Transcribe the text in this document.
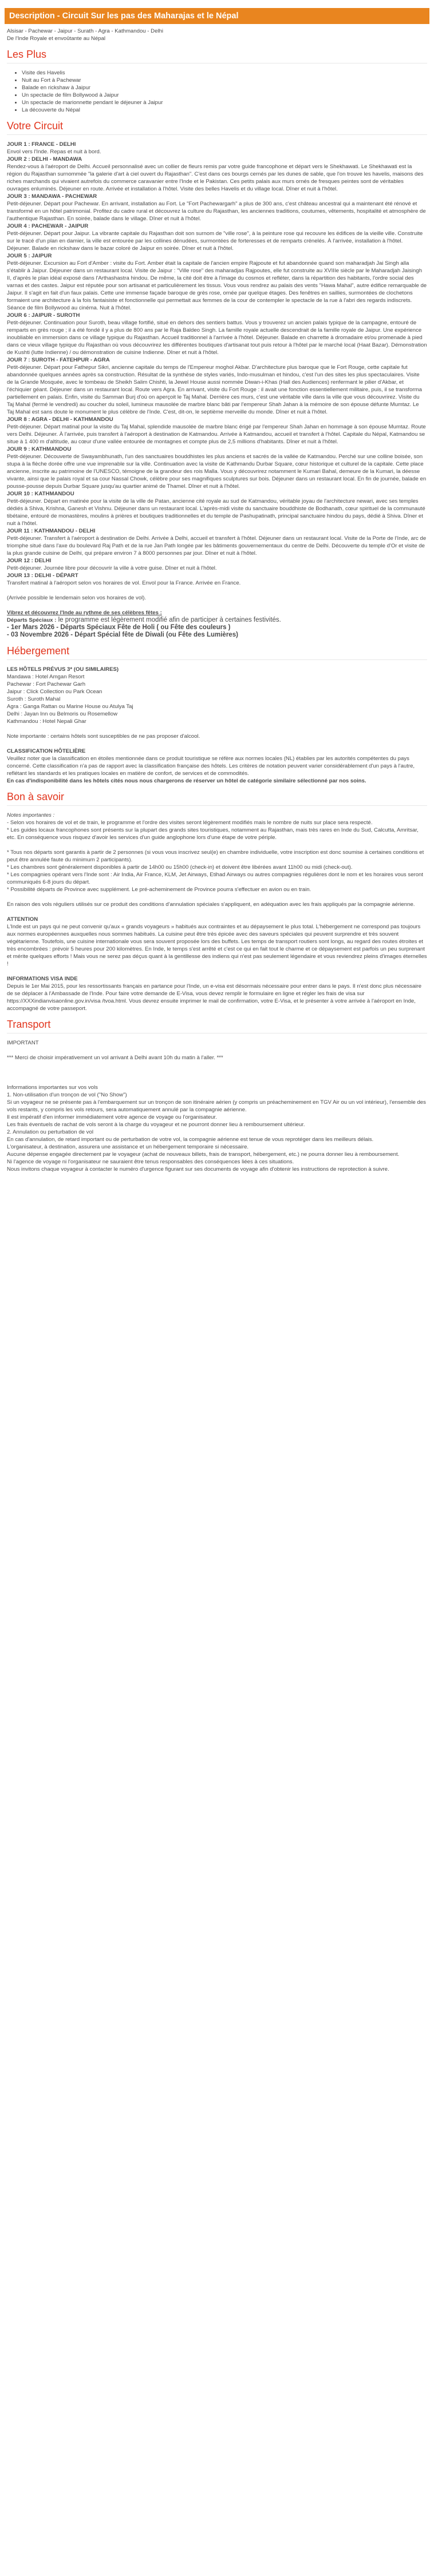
Description - Circuit Sur les pas des Maharajas et le Népal

Alsisar - Pachewar - Jaipur - Surath - Agra - Kathmandou - Delhi

De l'Inde Royale et envoûtante au Népal

Les Plus
• Visite des Havelis
• Nuit au Fort à Pachewar
• Balade en rickshaw à Jaipur
• Un spectacle de film Bollywood à Jaipur
• Un spectacle de marionnette pendant le déjeuner à Jaipur
• La découverte du Népal
Votre Circuit

JOUR 1 : FRANCE - DELHI

Envol vers l'Inde. Repas et nuit à bord.

JOUR 2 : DELHI - MANDAWA

Rendez-vous à l'aéroport de Delhi. Accueil personnalisé avec un collier de fleurs remis par votre guide francophone et départ vers le Shekhawati. Le Shekhawati est la région du Rajasthan surnommée "la galerie d'art à ciel ouvert du Rajasthan". C'est dans ces bourgs cernés par les dunes de sable, que l'on trouve les havelis, maisons des riches marchands qui vivaient autrefois du commerce caravanier entre l'Inde et le Pakistan. Ces petits palais aux murs ornés de fresques peintes sont de véritables ouvrages enluminés. Déjeuner en route. Arrivée et installation à l'hôtel. Visite des belles Havelis et du village local. Dîner et nuit à l'hôtel.

JOUR 3 : MANDAWA - PACHEWAR

Petit-déjeuner. Départ pour Pachewar. En arrivant, installation au Fort. Le "Fort Pachewargarh" a plus de 300 ans, c'est château ancestral qui a maintenant été rénové et transformé en un hôtel patrimonial. Profitez du cadre rural et découvrez la culture du Rajasthan, les anciennes traditions, coutumes, vêtements, hospitalité et atmosphère de l'authentique Rajasthan. En soirée, balade dans le village. Dîner et nuit à l'hôtel.

JOUR 4 : PACHEWAR - JAIPUR

Petit-déjeuner. Départ pour Jaipur. La vibrante capitale du Rajasthan doit son surnom de "ville rose", à la peinture rose qui recouvre les édifices de la vieille ville. Construite sur le tracé d'un plan en damier, la ville est entourée par les collines dénudées, surmontées de forteresses et de remparts crénelés. À l'arrivée, installation à l'hôtel. Déjeuner. Balade en rickshaw dans le bazar coloré de Jaipur en soirée. Dîner et nuit à l'hôtel.

JOUR 5 : JAIPUR

Petit-déjeuner. Excursion au Fort d'Amber : visite du Fort. Amber était la capitale de l'ancien empire Rajpoute et fut abandonnée quand son maharadjah Jai Singh alla s'établir à Jaipur. Déjeuner dans un restaurant local. Visite de Jaipur : "Ville rose" des maharadjas Rajpoutes, elle fut construite au XVIIIe siècle par le Maharadjah Jaisingh II, d'après le plan idéal exposé dans l'Arthashastra hindou. De même, la cité doit être à l'image du cosmos et refléter, dans la répartition des habitants, l'ordre social des varnas et des castes. Jaipur est réputée pour son artisanat et particulièrement les tissus. Vous vous rendrez au palais des vents "Hawa Mahal", autre édifice remarquable de Jaipur. Il s'agit en fait d'un faux palais. Cette une immense façade baroque de grès rose, ornée par quelque étages. Des fenêtres en saillies, surmontées de clochetons formaient une architecture à la fois fantaisiste et fonctionnelle qui permettait aux femmes de la cour de contempler le spectacle de la rue à l'abri des regards indiscrets. Séance de film Bollywood au cinéma. Nuit à l'hôtel.

JOUR 6 : JAIPUR - SUROTH

Petit-déjeuner. Continuation pour Suroth, beau village fortifié, situé en dehors des sentiers battus. Vous y trouverez un ancien palais typique de la campagne, entouré de remparts en grès rouge ; il a été fondé il y a plus de 800 ans par le Raja Baldeo Singh. La famille royale actuelle descendrait de la famille royale de Jaipur. Une expérience inoubliable en immersion dans ce village typique du Rajasthan. Accueil traditionnel à l'arrivée à l'hôtel. Déjeuner. Balade en charrette à dromadaire et/ou promenade à pied dans ce vieux village typique du Rajasthan où vous découvrirez les différentes boutiques d'artisanat tout puis retour à l'hôtel par le marché local (Haat Bazar). Démonstration de Kushti (lutte Indienne) / ou démonstration de cuisine Indienne. Dîner et nuit à l'hôtel.

JOUR 7 : SUROTH - FATEHPUR - AGRA

Petit-déjeuner. Départ pour Fathepur Sikri, ancienne capitale du temps de l'Empereur moghol Akbar. D'architecture plus baroque que le Fort Rouge, cette capitale fut abandonnée quelques années après sa construction. Résultat de la synthèse de styles variés, Indo-musulman et hindou, c'est l'un des sites les plus spectaculaires. Visite de la Grande Mosquée, avec le tombeau de Sheikh Salim Chishti, la Jewel House aussi nommée Diwan-i-Khas (Hall des Audiences) renfermant le pilier d'Akbar, et l'échiquier géant. Déjeuner dans un restaurant local. Route vers Agra. En arrivant, visite du Fort Rouge : il avait une fonction essentiellement militaire, puis, il se transforma partiellement en palais. Enfin, visite du Samman Burj d'où on aperçoit le Taj Mahal. Derrière ces murs, c'est une véritable ville dans la ville que vous découvrirez. Visite du Taj Mahal (fermé le vendredi) au coucher du soleil, lumineux mausolée de marbre blanc bâti par l'empereur Shah Jahan à la mémoire de son épouse défunte Mumtaz. Le Taj Mahal est sans doute le monument le plus célèbre de l'Inde. C'est, dit-on, le septième merveille du monde. Dîner et nuit à l'hôtel.

JOUR 8 : AGRA - DELHI - KATHMANDOU

Petit-déjeuner. Départ matinal pour la visite du Taj Mahal, splendide mausolée de marbre blanc érigé par l'empereur Shah Jahan en hommage à son épouse Mumtaz. Route vers Delhi. Déjeuner. À l'arrivée, puis transfert à l'aéroport à destination de Katmandou. Arrivée à Katmandou, accueil et transfert à l'hôtel. Capitale du Népal, Katmandou se situe à 1 400 m d'altitude, au cœur d'une vallée entourée de montagnes et compte plus de 2,5 millions d'habitants. Dîner et nuit à l'hôtel.

JOUR 9 : KATHMANDOU

Petit-déjeuner. Découverte de Swayambhunath, l'un des sanctuaires bouddhistes les plus anciens et sacrés de la vallée de Katmandou. Perché sur une colline boisée, son stupa à la flèche dorée offre une vue imprenable sur la ville. Continuation avec la visite de Kathmandu Durbar Square, cœur historique et culturel de la capitale. Cette place ancienne, inscrite au patrimoine de l'UNESCO, témoigne de la grandeur des rois Malla. Vous y découvrirez notamment le Kumari Bahal, demeure de la Kumari, la déesse vivante, ainsi que le palais royal et sa cour Nassal Chowk, célèbre pour ses magnifiques sculptures sur bois. Déjeuner dans un restaurant local. En fin de journée, balade en pousse-pousse depuis Durbar Square jusqu'au quartier animé de Thamel. Dîner et nuit à l'hôtel.

JOUR 10 : KATHMANDOU

Petit-déjeuner. Départ en matinée pour la visite de la ville de Patan, ancienne cité royale au sud de Katmandou, véritable joyau de l'architecture newari, avec ses temples dédiés à Shiva, Krishna, Ganesh et Vishnu. Déjeuner dans un restaurant local. L'après-midi visite du sanctuaire bouddhiste de Bodhanath, cœur spirituel de la communauté tibétaine, entouré de monastères, moulins à prières et boutiques traditionnelles et du temple de Pashupatinath, principal sanctuaire hindou du pays, dédié à Shiva. Dîner et nuit à l'hôtel.

JOUR 11 : KATHMANDOU - DELHI

Petit-déjeuner. Transfert à l'aéroport à destination de Delhi. Arrivée à Delhi, accueil et transfert à l'hôtel. Déjeuner dans un restaurant local. Visite de la Porte de l'Inde, arc de triomphe situé dans l'axe du boulevard Raj Path et de la rue Jan Path longée par les bâtiments gouvernementaux du centre de Delhi. Découverte du temple d'Or et visite de la plus grande cuisine de Delhi, qui prépare environ 7 à 8000 personnes par jour. Dîner et nuit à l'hôtel.

JOUR 12 : DELHI

Petit-déjeuner. Journée libre pour découvrir la ville à votre guise. Dîner et nuit à l'hôtel.

JOUR 13 : DELHI - DÉPART

Transfert matinal à l'aéroport selon vos horaires de vol. Envol pour la France. Arrivée en France.

(Arrivée possible le lendemain selon vos horaires de vol).

Vibrez et découvrez l'Inde au rythme de ses célèbres fêtes :

Départs Spéciaux : le programme est légèrement modifié afin de participer à certaines festivités.

- 1er Mars 2026 - Départs Spéciaux Fête de Holi ( ou Fête des couleurs )

- 03 Novembre 2026 - Départ Spécial fête de Diwali (ou Fête des Lumières)

Hébergement

LES HÔTELS PRÉVUS 3* (OU SIMILAIRES)

Mandawa : Hotel Amgan Resort

Pachewar : Fort Pachewar Garh

Jaipur : Click Collection ou Park Ocean

Suroth : Suroth Mahal

Agra : Ganga Rattan ou Marine House ou Atulya Taj

Delhi : Jayan Inn ou Belmoris ou Rosemellow

Kathmandou : Hotel Nepali Ghar

Note importante : certains hôtels sont susceptibles de ne pas proposer d'alcool.

CLASSIFICATION HÔTELIÈRE

Veuillez noter que la classification en étoiles mentionnée dans ce produit touristique se réfère aux normes locales (NL) établies par les autorités compétentes du pays concerné. Cette classification n'a pas de rapport avec la classification française des hôtels. Les critères de notation peuvent varier considérablement d'un pays à l'autre, reflétant les standards et les pratiques locales en matière de confort, de services et de commodités.

En cas d'indisponibilité dans les hôtels cités nous nous chargerons de réserver un hôtel de catégorie similaire sélectionné par nos soins.

Bon à savoir

Notes importantes :

- Selon vos horaires de vol et de train, le programme et l'ordre des visites seront légèrement modifiés mais le nombre de nuits sur place sera respecté.

* Les guides locaux francophones sont présents sur la plupart des grands sites touristiques, notamment au Rajasthan, mais très rares en Inde du Sud, Calcutta, Amritsar, etc. En conséquence vous risquez d'avoir les services d'un guide anglophone lors d'une étape de votre périple.

* Tous nos départs sont garantis à partir de 2 personnes (si vous vous inscrivez seul(e) en chambre individuelle, votre inscription est donc soumise à certaines conditions et peut être annulée faute du minimum 2 participants).

* Les chambres sont généralement disponibles à partir de 14h00 ou 15h00 (check-in) et doivent être libérées avant 11h00 ou midi (check-out).

* Les compagnies opérant vers l'Inde sont : Air India, Air France, KLM, Jet Airways, Etihad Airways ou autres compagnies régulières dont le nom et les horaires vous seront communiqués 6-8 jours du départ.

* Possibilité départs de Province avec supplément. Le pré-acheminement de Province pourra s'effectuer en avion ou en train.

En raison des vols réguliers utilisés sur ce produit des conditions d'annulation spéciales s'appliquent, en adéquation avec les frais appliqués par la compagnie aérienne.

ATTENTION

L'Inde est un pays qui ne peut convenir qu'aux « grands voyageurs » habitués aux contraintes et au dépaysement le plus total. L'hébergement ne correspond pas toujours aux normes européennes auxquelles nous sommes habitués. La cuisine peut être très épicée avec des saveurs spéciales qui peuvent surprendre et très souvent végétarienne. Toutefois, une cuisine internationale vous sera souvent proposée lors des buffets. Les temps de transport routiers sont longs, au regard des routes étroites et très encombrées : prévoir 5 heures pour 200 kilomètres. En Inde, le temps s'est arrêté et c'est ce qui en fait tout le charme et ce dépaysement est parfois un peu surprenant et mérite quelques efforts ! Mais vous ne serez pas déçus quant à la gentillesse des indiens qui n'est pas seulement légendaire et vous reviendrez pleins d'images éternelles !

INFORMATIONS VISA INDE

Depuis le 1er Mai 2015, pour les ressortissants français en partance pour l'Inde, un e-visa est désormais nécessaire pour entrer dans le pays. Il n'est donc plus nécessaire de se déplacer à l'Ambassade de l'Inde. Pour faire votre demande de E-Visa, vous devez remplir le formulaire en ligne et régler les frais de visa sur https://XXXindianvisaonline.gov.in/visa /tvoa.html. Vous devrez ensuite imprimer le mail de confirmation, votre E-Visa, et le présenter à votre arrivée à l'aéroport en Inde, accompagné de votre passeport.

Transport

IMPORTANT

*** Merci de choisir impérativement un vol arrivant à Delhi avant 10h du matin à l'aller. ***

Informations importantes sur vos vols

1. Non-utilisation d'un tronçon de vol ("No Show")

Si un voyageur ne se présente pas à l'embarquement sur un tronçon de son itinéraire aérien (y compris un préacheminement en TGV Air ou un vol intérieur), l'ensemble des vols restants, y compris les vols retours, sera automatiquement annulé par la compagnie aérienne.

Il est impératif d'en informer immédiatement votre agence de voyage ou l'organisateur.

Les frais éventuels de rachat de vols seront à la charge du voyageur et ne pourront donner lieu à remboursement ultérieur.

2. Annulation ou perturbation de vol

En cas d'annulation, de retard important ou de perturbation de votre vol, la compagnie aérienne est tenue de vous reprotéger dans les meilleurs délais.

L'organisateur, à destination, assurera une assistance et un hébergement temporaire si nécessaire.

Aucune dépense engagée directement par le voyageur (achat de nouveaux billets, frais de transport, hébergement, etc.) ne pourra donner lieu à remboursement.

Ni l'agence de voyage ni l'organisateur ne sauraient être tenus responsables des conséquences liées à ces situations.

Nous invitons chaque voyageur à contacter le numéro d'urgence figurant sur ses documents de voyage afin d'obtenir les instructions de reprotection à suivre.
